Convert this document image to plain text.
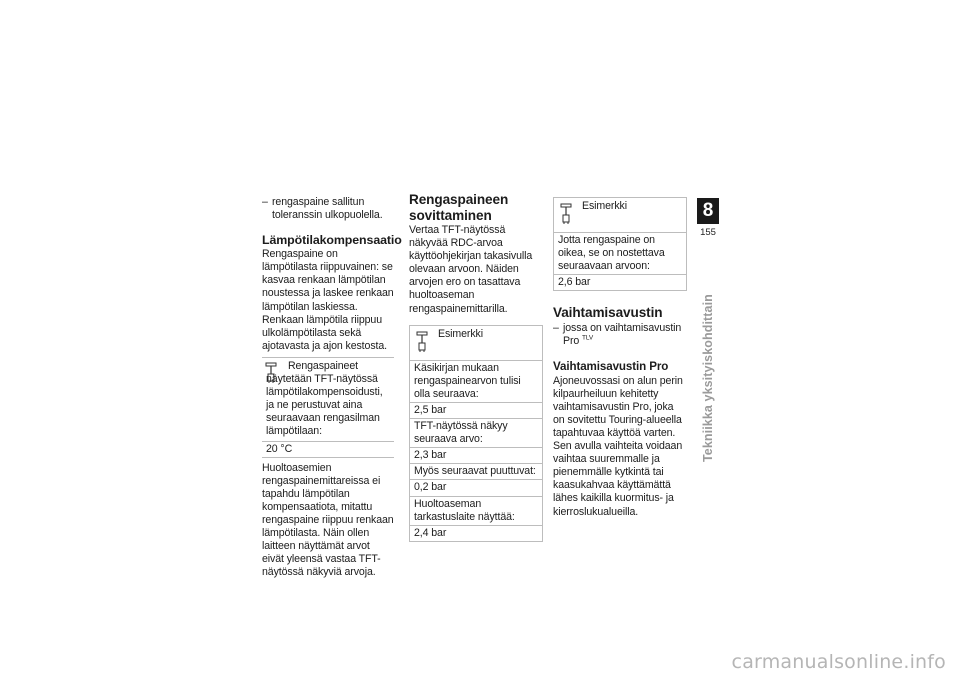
– rengaspaine sallitun toleranssin ulkopuolella.
Lämpötilakompensaatio

Rengaspaine on lämpötilasta riippuvainen: se kasvaa renkaan lämpötilan noustessa ja laskee renkaan lämpötilan laskiessa. Renkaan lämpötila riippuu ulkolämpötilasta sekä ajotavasta ja ajon kestosta.

Rengaspaineet näytetään TFT-näytössä lämpötilakompensoidusti, ja ne perustuvat aina seuraavaan rengasilman lämpötilaan:

20 °C

Huoltoasemien rengaspainemittareissa ei tapahdu lämpötilan kompensaatiota, mitattu rengaspaine riippuu renkaan lämpötilasta. Näin ollen laitteen näyttämät arvot eivät yleensä vastaa TFT-näytössä näkyviä arvoja.

Rengaspaineen sovittaminen

Vertaa TFT-näytössä näkyvää RDC-arvoa käyttöohjekirjan takasivulla olevaan arvoon. Näiden arvojen ero on tasattava huoltoaseman rengaspainemittarilla.

Esimerkki
Käsikirjan mukaan rengaspainearvon tulisi olla seuraava:
2,5 bar
TFT-näytössä näkyy seuraava arvo:
2,3 bar
Myös seuraavat puuttuvat:
0,2 bar
Huoltoaseman tarkastuslaite näyttää:
2,4 bar
Esimerkki
Jotta rengaspaine on oikea, se on nostettava seuraavaan arvoon:
2,6 bar
Vaihtamisavustin
– jossa on vaihtamisavustin Pro $^{TLV}$
Vaihtamisavustin Pro

Ajoneuvossasi on alun perin kilpaurheiluun kehitetty vaihtamisavustin Pro, joka on sovitettu Touring-alueella tapahtuvaa käyttöä varten. Sen avulla vaihteita voidaan vaihtaa suuremmalle ja pienemmälle kytkintä tai kaasukahvaa käyttämättä lähes kaikilla kuormitus- ja kierroslukualueilla.

8
155
Tekniikka yksityiskohdittain
carmanualsonline.info
